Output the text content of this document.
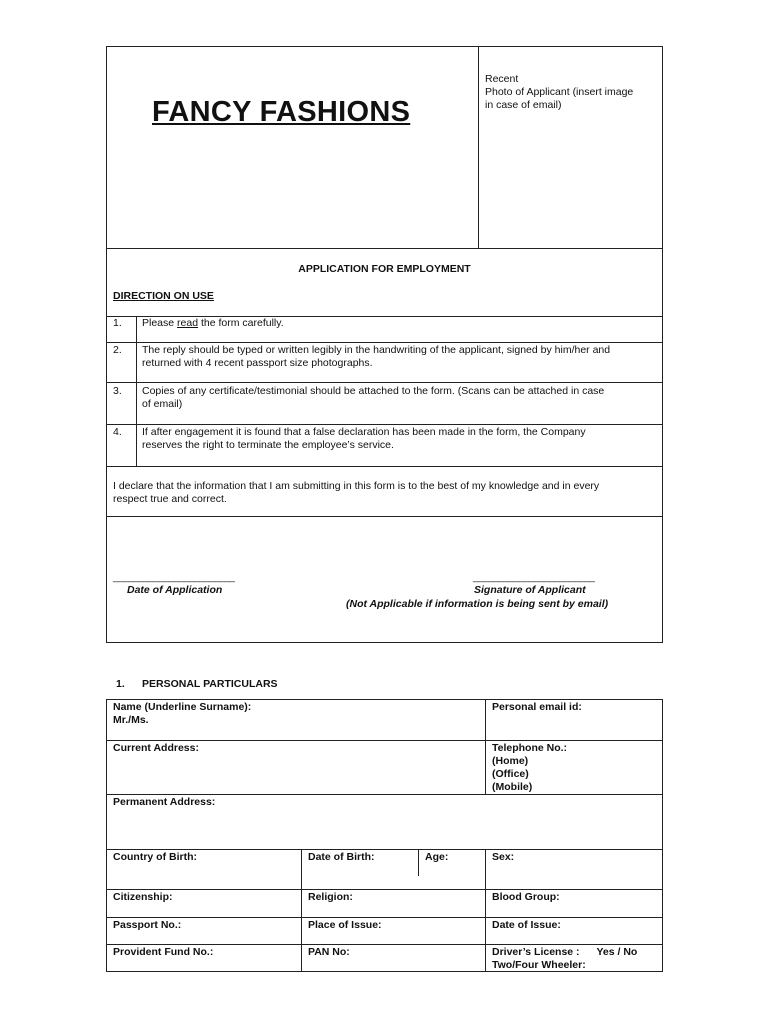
FANCY FASHIONS
Recent
Photo of Applicant (insert image
in case of email)
APPLICATION FOR EMPLOYMENT
DIRECTION ON USE
1. Please read the form carefully.
2. The reply should be typed or written legibly in the handwriting of the applicant, signed by him/her and
returned with 4 recent passport size photographs.
3. Copies of any certificate/testimonial should be attached to the form. (Scans can be attached in case
of email)
4. If after engagement it is found that a false declaration has been made in the form, the Company
reserves the right to terminate the employee’s service.
I declare that the information that I am submitting in this form is to the best of my knowledge and in every
respect true and correct.
________________________
Date of Application
________________________
Signature of Applicant
(Not Applicable if information is being sent by email)
1. PERSONAL PARTICULARS
Name (Underline Surname):
Mr./Ms.
Personal email id:
Current Address:	Telephone No.:
(Home)
(Office)
(Mobile)
Permanent Address:
Country of Birth:	Date of Birth:	Age:	Sex:
Citizenship:	Religion:	Blood Group:
Passport No.:	Place of Issue:	Date of Issue:
Provident Fund No.:	PAN No:	Driver’s License : Yes / No
Two/Four Wheeler:
